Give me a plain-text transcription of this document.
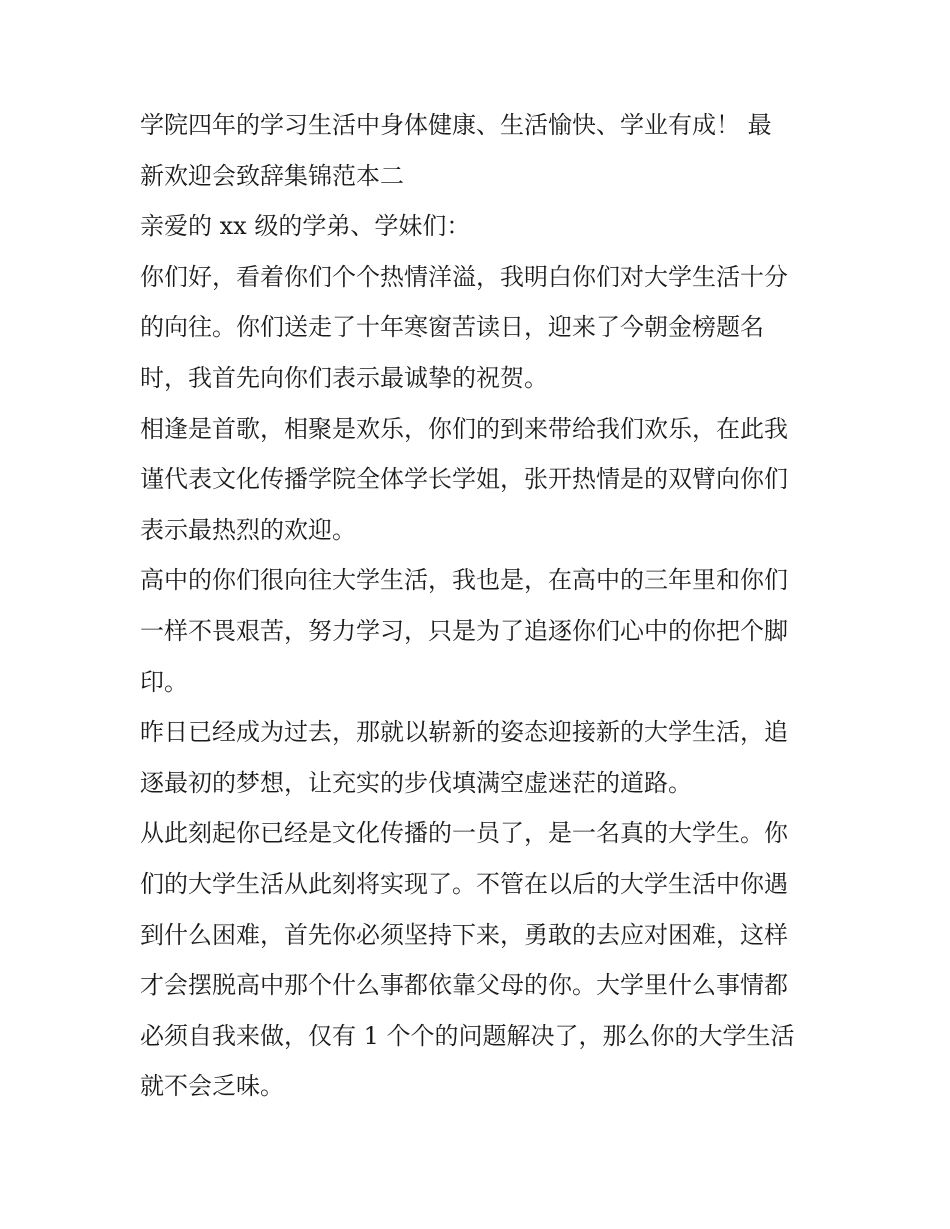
学院四年的学习生活中身体健康、生活愉快、学业有成！ 最

新欢迎会致辞集锦范本二

亲爱的 xx 级的学弟、学妹们：

你们好，看着你们个个热情洋溢，我明白你们对大学生活十分

的向往。你们送走了十年寒窗苦读日，迎来了今朝金榜题名

时，我首先向你们表示最诚挚的祝贺。

相逢是首歌，相聚是欢乐，你们的到来带给我们欢乐，在此我

谨代表文化传播学院全体学长学姐，张开热情是的双臂向你们

表示最热烈的欢迎。

高中的你们很向往大学生活，我也是，在高中的三年里和你们

一样不畏艰苦，努力学习，只是为了追逐你们心中的你把个脚

印。

昨日已经成为过去，那就以崭新的姿态迎接新的大学生活，追

逐最初的梦想，让充实的步伐填满空虚迷茫的道路。

从此刻起你已经是文化传播的一员了，是一名真的大学生。你

们的大学生活从此刻将实现了。不管在以后的大学生活中你遇

到什么困难，首先你必须坚持下来，勇敢的去应对困难，这样

才会摆脱高中那个什么事都依靠父母的你。大学里什么事情都

必须自我来做，仅有 1 个个的问题解决了，那么你的大学生活

就不会乏味。
